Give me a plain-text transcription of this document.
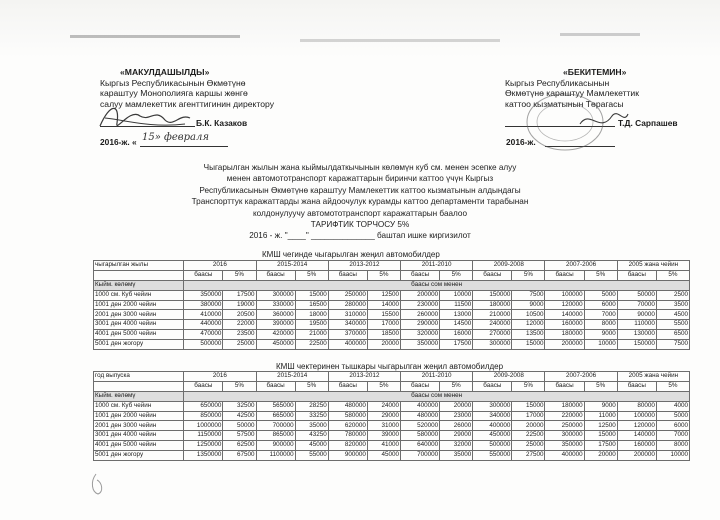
«МАКУЛДАШЫЛДЫ»
Кыргыз Республикасынын Өкмөтүнө
караштуу Монополияга каршы жөнгө
салуу мамлекеттик агенттигинин директору
Б.К. Казаков
2016-ж. « 15» февраля
«БЕКИТЕМИН»
Кыргыз Республикасынын
Өкмөтүнө караштуу Мамлекеттик
каттоо кызматынын Төрагасы
Т.Д. Сарпашев
2016-ж.
Чыгарылган жылын жана кыймылдаткычынын көлөмүн куб см. менен эсепке алуу
менен автомототранспорт каражаттарын биринчи каттоо үчүн Кыргыз
Республикасынын Өкмөтүнө караштуу Мамлекеттик каттоо кызматынын алдындагы
Транспорттук каражаттарды жана айдоочулук курамды каттоо департаменти тарабынан
колдонулуучу автомототранспорт каражаттарын баалоо
ТАРИФТИК ТОРЧОСУ 5%
2016 - ж. "____" ______________ баштап ишке киргизилот
КМШ чегинде чыгарылган жеңил автомобилдер
чыгарылган жылы	2016		2015-2014		2013-2012		2011-2010		2009-2008		2007-2006		2005 жана чейин	
	баасы	5%	баасы	5%	баасы	5%	баасы	5%	баасы	5%	баасы	5%	баасы	5%
Кыйм. көлөмү	баасы сом менен													
1000 см. Куб чейин	350000	17500	300000	15000	250000	12500	200000	10000	150000	7500	100000	5000	50000	2500
1001 ден 2000 чейин	380000	19000	330000	16500	280000	14000	230000	11500	180000	9000	120000	6000	70000	3500
2001 ден 3000 чейин	410000	20500	360000	18000	310000	15500	260000	13000	210000	10500	140000	7000	90000	4500
3001 ден 4000 чейин	440000	22000	390000	19500	340000	17000	290000	14500	240000	12000	160000	8000	110000	5500
4001 ден 5000 чейин	470000	23500	420000	21000	370000	18500	320000	16000	270000	13500	180000	9000	130000	6500
5001 ден жогору	500000	25000	450000	22500	400000	20000	350000	17500	300000	15000	200000	10000	150000	7500
КМШ чектеринен тышкары чыгарылган жеңил автомобилдер
год выпуска	2016		2015-2014		2013-2012		2011-2010		2009-2008		2007-2006		2005 жана чейин	
	баасы	5%	баасы	5%	баасы	5%	баасы	5%	баасы	5%	баасы	5%	баасы	5%
Кыйм. көлөмү	баасы сом менен													
1000 см. Куб чейин	650000	32500	565000	28250	480000	24000	400000	20000	300000	15000	180000	9000	80000	4000
1001 ден 2000 чейин	850000	42500	665000	33250	580000	29000	480000	23000	340000	17000	220000	11000	100000	5000
2001 ден 3000 чейин	1000000	50000	700000	35000	620000	31000	520000	26000	400000	20000	250000	12500	120000	6000
3001 ден 4000 чейин	1150000	57500	865000	43250	780000	39000	580000	29000	450000	22500	300000	15000	140000	7000
4001 ден 5000 чейин	1250000	62500	900000	45000	820000	41000	640000	32000	500000	25000	350000	17500	160000	8000
5001 ден жогору	1350000	67500	1100000	55000	900000	45000	700000	35000	550000	27500	400000	20000	200000	10000
